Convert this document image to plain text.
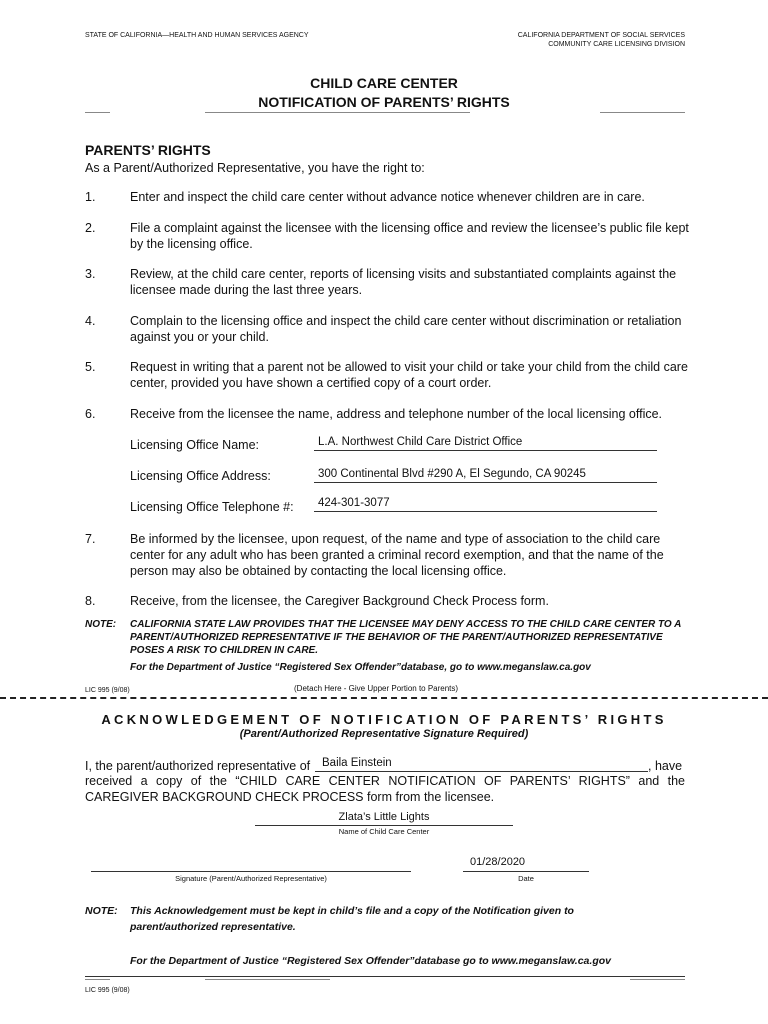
STATE OF CALIFORNIA—HEALTH AND HUMAN SERVICES AGENCY	CALIFORNIA DEPARTMENT OF SOCIAL SERVICES
COMMUNITY CARE LICENSING DIVISION
CHILD CARE CENTER
NOTIFICATION OF PARENTS’ RIGHTS
PARENTS’ RIGHTS
As a Parent/Authorized Representative, you have the right to:
1.	Enter and inspect the child care center without advance notice whenever children are in care.
2.	File a complaint against the licensee with the licensing office and review the licensee’s public file kept by the licensing office.
3.	Review, at the child care center, reports of licensing visits and substantiated complaints against the licensee made during the last three years.
4.	Complain to the licensing office and inspect the child care center without discrimination or retaliation against you or your child.
5.	Request in writing that a parent not be allowed to visit your child or take your child from the child care center, provided you have shown a certified copy of a court order.
6.	Receive from the licensee the name, address and telephone number of the local licensing office.
Licensing Office Name:	L.A. Northwest Child Care District Office
Licensing Office Address:	300 Continental Blvd #290 A, El Segundo, CA 90245
Licensing Office Telephone #: 424-301-3077
7.	Be informed by the licensee, upon request, of the name and type of association to the child care center for any adult who has been granted a criminal record exemption, and that the name of the person may also be obtained by contacting the local licensing office.
8.	Receive, from the licensee, the Caregiver Background Check Process form.
NOTE: CALIFORNIA STATE LAW PROVIDES THAT THE LICENSEE MAY DENY ACCESS TO THE CHILD CARE CENTER TO A PARENT/AUTHORIZED REPRESENTATIVE IF THE BEHAVIOR OF THE PARENT/AUTHORIZED REPRESENTATIVE POSES A RISK TO CHILDREN IN CARE.
For the Department of Justice “Registered Sex Offender”database, go to www.meganslaw.ca.gov
LIC 995 (9/08)	(Detach Here - Give Upper Portion to Parents)
ACKNOWLEDGEMENT OF NOTIFICATION OF PARENTS’ RIGHTS
(Parent/Authorized Representative Signature Required)
I, the parent/authorized representative of Baila Einstein	, have
received a copy of the “CHILD CARE CENTER NOTIFICATION OF PARENTS’ RIGHTS” and the
CAREGIVER BACKGROUND CHECK PROCESS form from the licensee.
Zlata’s Little Lights
Name of Child Care Center
Signature (Parent/Authorized Representative)
01/28/2020
Date
NOTE: This Acknowledgement must be kept in child’s file and a copy of the Notification given to
parent/authorized representative.
For the Department of Justice “Registered Sex Offender”database go to www.meganslaw.ca.gov
LIC 995 (9/08)
